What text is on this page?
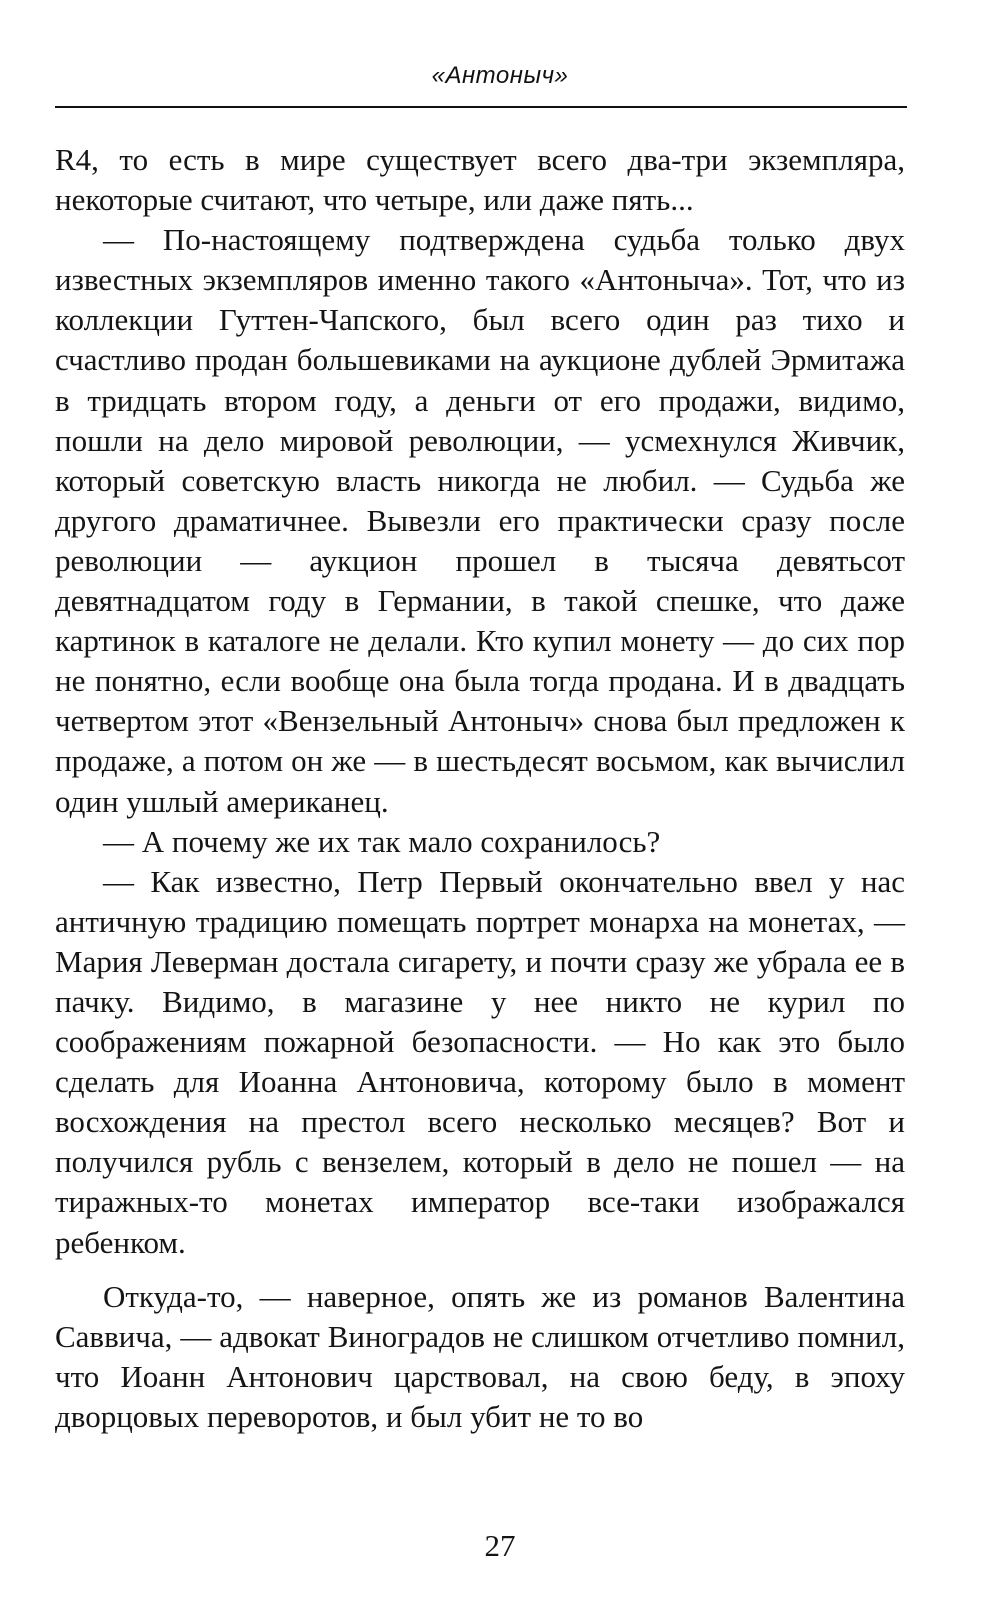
«Антоныч»

R4, то есть в мире существует всего два-три экземпляра, некоторые считают, что четыре, или даже пять...

— По-настоящему подтверждена судьба только двух известных экземпляров именно такого «Антоныча». Тот, что из коллекции Гуттен-Чапского, был всего один раз тихо и счастливо продан большевиками на аукционе дублей Эрмитажа в тридцать втором году, а деньги от его продажи, видимо, пошли на дело мировой революции, — усмехнулся Живчик, который советскую власть никогда не любил. — Судьба же другого драматичнее. Вывезли его практически сразу после революции — аукцион прошел в тысяча девятьсот девятнадцатом году в Германии, в такой спешке, что даже картинок в каталоге не делали. Кто купил монету — до сих пор не понятно, если вообще она была тогда продана. И в двадцать четвертом этот «Вензельный Антоныч» снова был предложен к продаже, а потом он же — в шестьдесят восьмом, как вычислил один ушлый американец.

— А почему же их так мало сохранилось?

— Как известно, Петр Первый окончательно ввел у нас античную традицию помещать портрет монарха на монетах, — Мария Леверман достала сигарету, и почти сразу же убрала ее в пачку. Видимо, в магазине у нее никто не курил по соображениям пожарной безопасности. — Но как это было сделать для Иоанна Антоновича, которому было в момент восхождения на престол всего несколько месяцев? Вот и получился рубль с вензелем, который в дело не пошел — на тиражных-то монетах император все-таки изображался ребенком.

Откуда-то, — наверное, опять же из романов Валентина Саввича, — адвокат Виноградов не слишком отчетливо помнил, что Иоанн Антонович царствовал, на свою беду, в эпоху дворцовых переворотов, и был убит не то во

27
